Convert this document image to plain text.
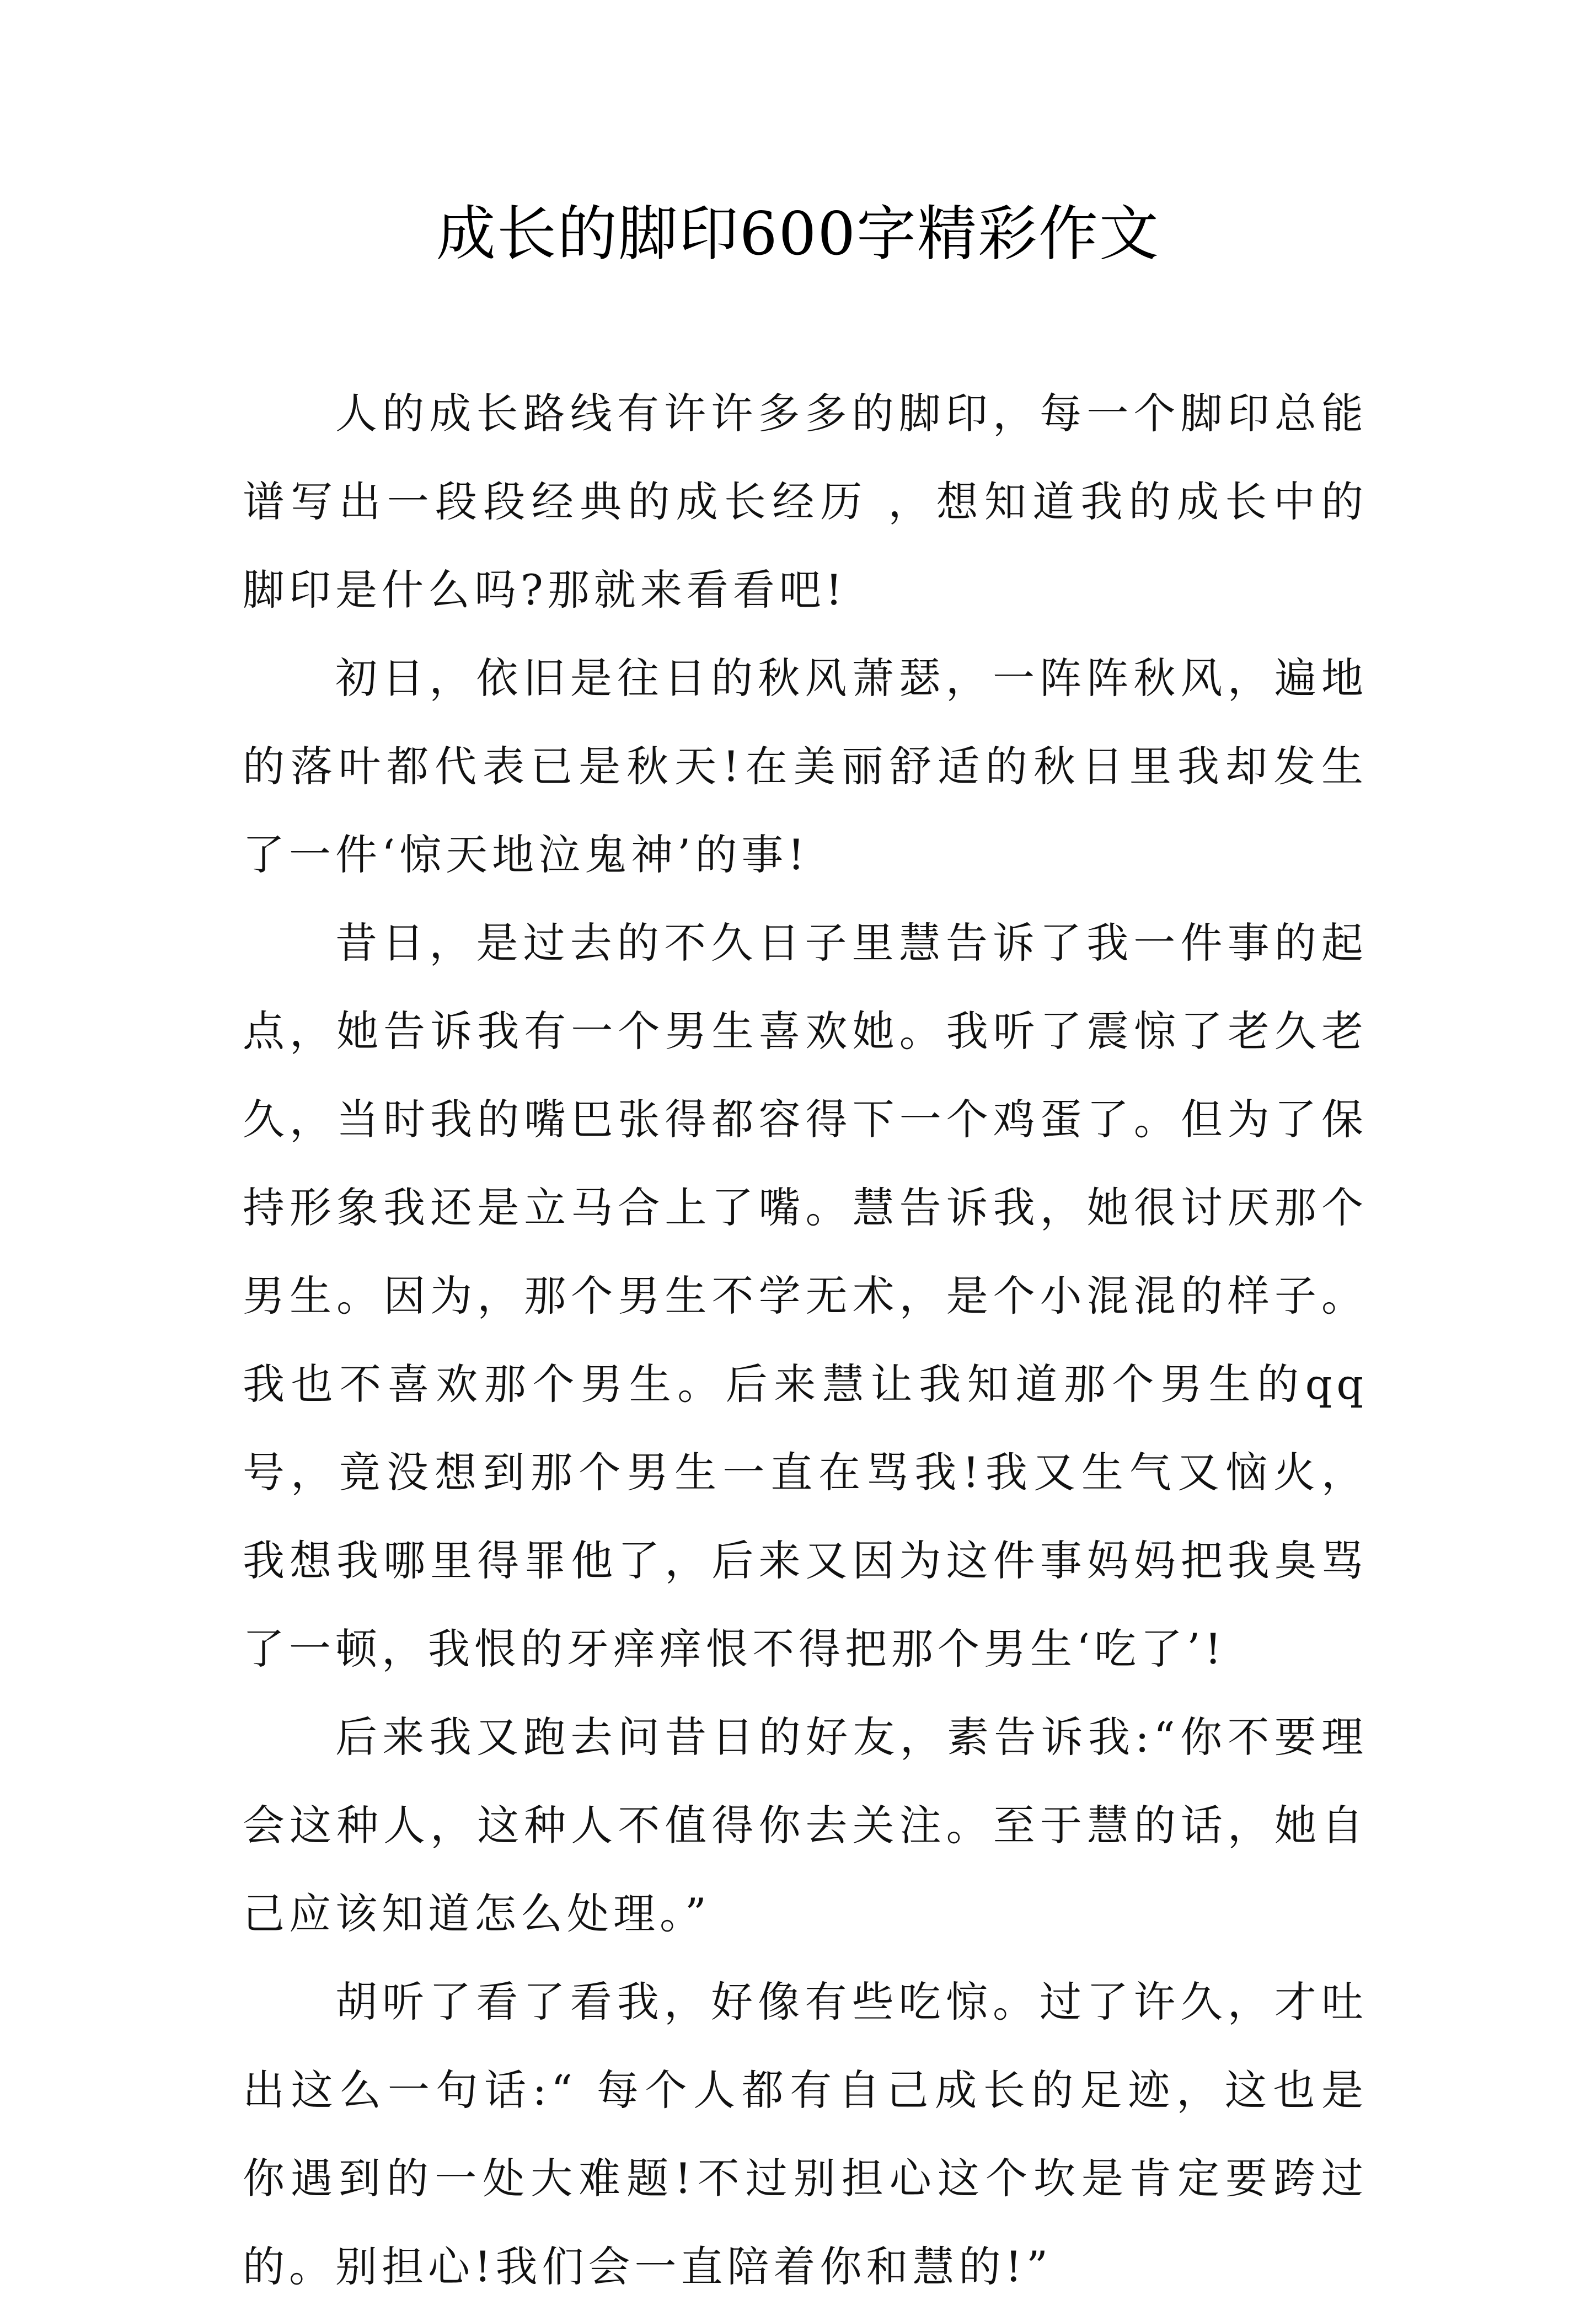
成长的脚印600字精彩作文

人的成长路线有许许多多的脚印，每一个脚印总能谱写出一段段经典的成长经历 ，想知道我的成长中的脚印是什么吗?那就来看看吧!

初日，依旧是往日的秋风萧瑟，一阵阵秋风，遍地的落叶都代表已是秋天!在美丽舒适的秋日里我却发生了一件‘惊天地泣鬼神’的事!

昔日，是过去的不久日子里慧告诉了我一件事的起点，她告诉我有一个男生喜欢她。我听了震惊了老久老久，当时我的嘴巴张得都容得下一个鸡蛋了。但为了保持形象我还是立马合上了嘴。慧告诉我，她很讨厌那个男生。因为，那个男生不学无术，是个小混混的样子。我也不喜欢那个男生。后来慧让我知道那个男生的qq号，竟没想到那个男生一直在骂我!我又生气又恼火，我想我哪里得罪他了，后来又因为这件事妈妈把我臭骂了一顿，我恨的牙痒痒恨不得把那个男生‘吃了’!

后来我又跑去问昔日的好友，素告诉我:“你不要理会这种人，这种人不值得你去关注。至于慧的话，她自己应该知道怎么处理。”

胡听了看了看我，好像有些吃惊。过了许久，才吐出这么一句话:“ 每个人都有自己成长的足迹，这也是你遇到的一处大难题!不过别担心这个坎是肯定要跨过的。别担心!我们会一直陪着你和慧的!”
